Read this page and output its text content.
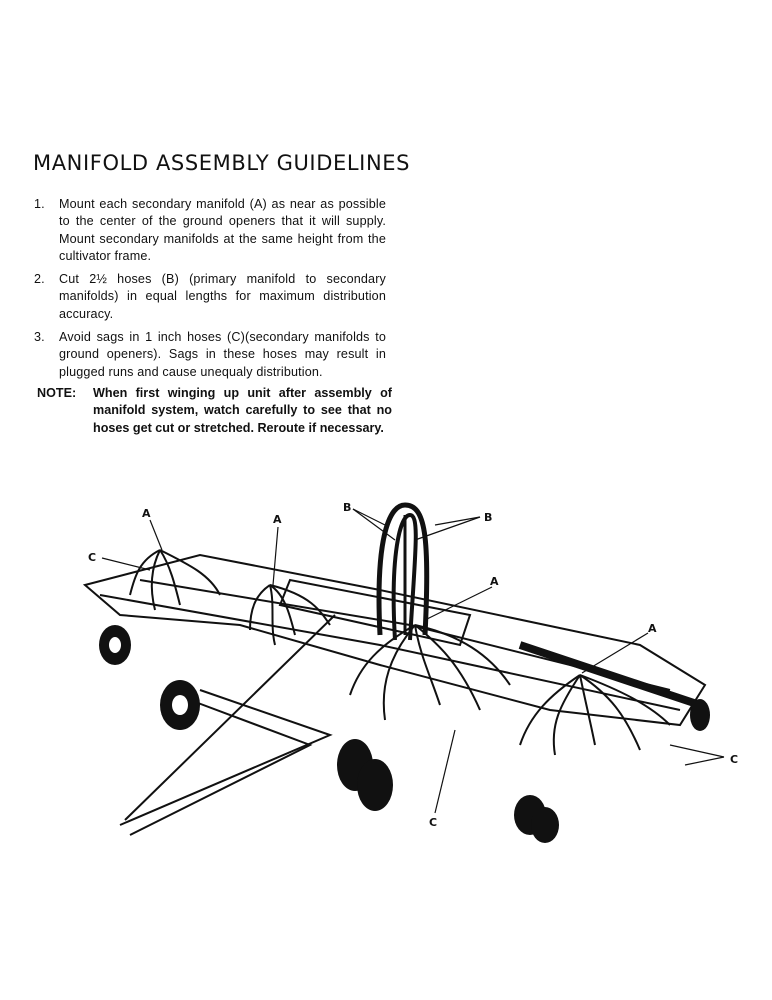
MANIFOLD ASSEMBLY GUIDELINES
1. Mount each secondary manifold (A) as near as possible to the center of the ground openers that it will supply. Mount secondary manifolds at the same height from the cultivator frame.
2. Cut 2½ hoses (B) (primary manifold to secondary manifolds) in equal lengths for maximum distribution accuracy.
3. Avoid sags in 1 inch hoses (C)(secondary manifolds to ground openers). Sags in these hoses may result in plugged runs and cause unequaly distribution.
NOTE:	When first winging up unit after assembly of manifold system, watch carefully to see that no hoses get cut or stretched. Reroute if necessary.
A	A
A
A
B
B
C
C
C
